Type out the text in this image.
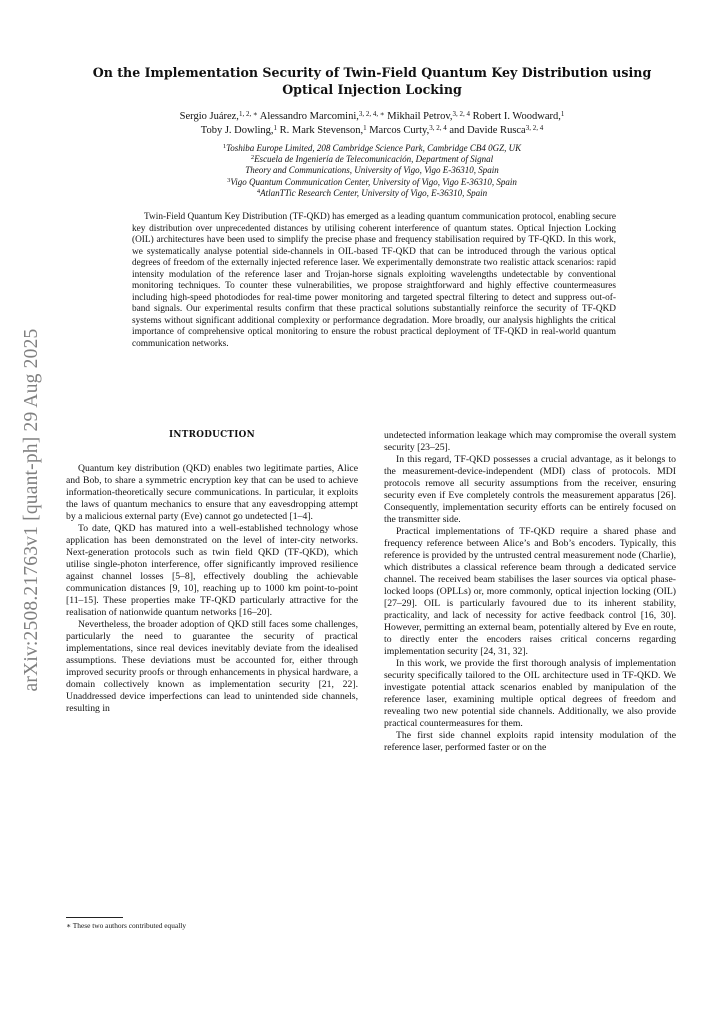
arXiv:2508.21763v1 [quant-ph] 29 Aug 2025
On the Implementation Security of Twin-Field Quantum Key Distribution using Optical Injection Locking
Sergio Juárez,$^{1, 2, ∗}$ Alessandro Marcomini,$^{3, 2, 4, ∗}$ Mikhail Petrov,$^{3, 2, 4}$ Robert I. Woodward,$^1$
Toby J. Dowling,$^1$ R. Mark Stevenson,$^1$ Marcos Curty,$^{3, 2, 4}$ and Davide Rusca$^{3, 2, 4}$
$^1$Toshiba Europe Limited, 208 Cambridge Science Park, Cambridge CB4 0GZ, UK
$^2$Escuela de Ingeniería de Telecomunicación, Department of Signal
Theory and Communications, University of Vigo, Vigo E-36310, Spain
$^3$Vigo Quantum Communication Center, University of Vigo, Vigo E-36310, Spain
$^4$AtlanTTic Research Center, University of Vigo, E-36310, Spain

Twin-Field Quantum Key Distribution (TF-QKD) has emerged as a leading quantum communication protocol, enabling secure key distribution over unprecedented distances by utilising coherent interference of quantum states. Optical Injection Locking (OIL) architectures have been used to simplify the precise phase and frequency stabilisation required by TF-QKD. In this work, we systematically analyse potential side-channels in OIL-based TF-QKD that can be introduced through the various optical degrees of freedom of the externally injected reference laser. We experimentally demonstrate two realistic attack scenarios: rapid intensity modulation of the reference laser and Trojan-horse signals exploiting wavelengths undetectable by conventional monitoring techniques. To counter these vulnerabilities, we propose straightforward and highly effective countermeasures including high-speed photodiodes for real-time power monitoring and targeted spectral filtering to detect and suppress out-of-band signals. Our experimental results confirm that these practical solutions substantially reinforce the security of TF-QKD systems without significant additional complexity or performance degradation. More broadly, our analysis highlights the critical importance of comprehensive optical monitoring to ensure the robust practical deployment of TF-QKD in real-world quantum communication networks.

INTRODUCTION

Quantum key distribution (QKD) enables two legitimate parties, Alice and Bob, to share a symmetric encryption key that can be used to achieve information-theoretically secure communications. In particular, it exploits the laws of quantum mechanics to ensure that any eavesdropping attempt by a malicious external party (Eve) cannot go undetected [1–4].

To date, QKD has matured into a well-established technology whose application has been demonstrated on the level of inter-city networks. Next-generation protocols such as twin field QKD (TF-QKD), which utilise single-photon interference, offer significantly improved resilience against channel losses [5–8], effectively doubling the achievable communication distances [9, 10], reaching up to 1000 km point-to-point [11–15]. These properties make TF-QKD particularly attractive for the realisation of nationwide quantum networks [16–20].

Nevertheless, the broader adoption of QKD still faces some challenges, particularly the need to guarantee the security of practical implementations, since real devices inevitably deviate from the idealised assumptions. These deviations must be accounted for, either through improved security proofs or through enhancements in physical hardware, a domain collectively known as implementation security [21, 22]. Unaddressed device imperfections can lead to unintended side channels, resulting in

undetected information leakage which may compromise the overall system security [23–25].

In this regard, TF-QKD possesses a crucial advantage, as it belongs to the measurement-device-independent (MDI) class of protocols. MDI protocols remove all security assumptions from the receiver, ensuring security even if Eve completely controls the measurement apparatus [26]. Consequently, implementation security efforts can be entirely focused on the transmitter side.

Practical implementations of TF-QKD require a shared phase and frequency reference between Alice’s and Bob’s encoders. Typically, this reference is provided by the untrusted central measurement node (Charlie), which distributes a classical reference beam through a dedicated service channel. The received beam stabilises the laser sources via optical phase-locked loops (OPLLs) or, more commonly, optical injection locking (OIL) [27–29]. OIL is particularly favoured due to its inherent stability, practicality, and lack of necessity for active feedback control [16, 30]. However, permitting an external beam, potentially altered by Eve en route, to directly enter the encoders raises critical concerns regarding implementation security [24, 31, 32].

In this work, we provide the first thorough analysis of implementation security specifically tailored to the OIL architecture used in TF-QKD. We investigate potential attack scenarios enabled by manipulation of the reference laser, examining multiple optical degrees of freedom and revealing two new potential side channels. Additionally, we also provide practical countermeasures for them.

The first side channel exploits rapid intensity modulation of the reference laser, performed faster or on the

∗ These two authors contributed equally
